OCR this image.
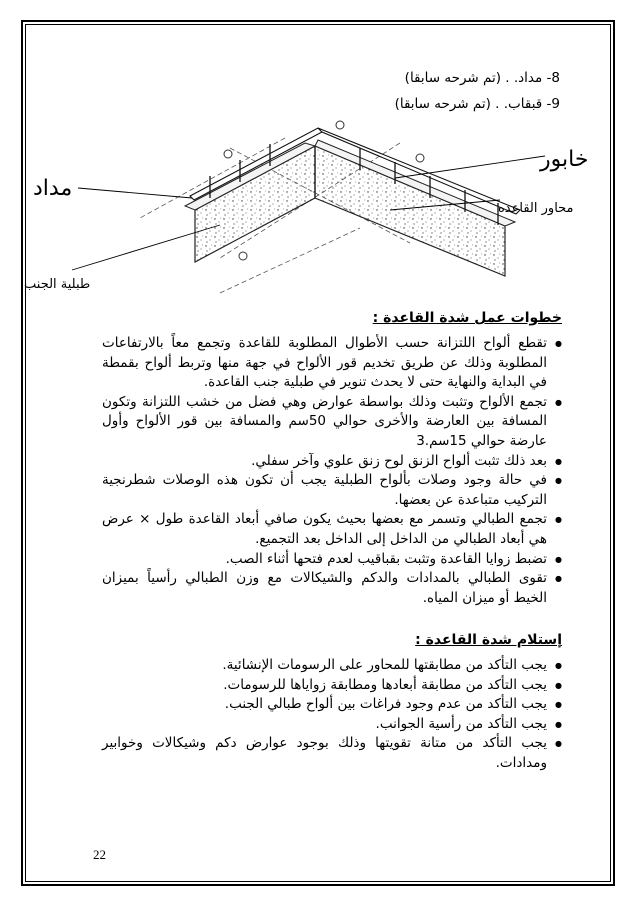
8- مداد. . (تم شرحه سابقا)
9- قبقاب. . (تم شرحه سابقا)
خابور
مداد
محاور القاعده
طبلية الجنب
خطوات عمل شدة القاعدة :
● تقطع ألواح اللتزانة حسب الأطوال المطلوبة للقاعدة وتجمع معاً بالارتفاعات المطلوبة وذلك عن طريق تخديم قور الألواح في جهة منها وتربط ألواح بقمطة في البداية والنهاية حتى لا يحدث تنوير في طبلية جنب القاعدة.
● تجمع الألواح وتثبت وذلك بواسطة عوارض وهي فضل من خشب اللتزانة وتكون المسافة بين العارضة والأخرى حوالي 50سم والمسافة بين قور الألواح وأول عارضة حوالي 15سم.3
● بعد ذلك تثبت ألواح الزنق لوح زنق علوي وآخر سفلي.
● في حالة وجود وصلات بألواح الطبلية يجب أن تكون هذه الوصلات شطرنجية التركيب متباعدة عن بعضها.
● تجمع الطبالي وتسمر مع بعضها بحيث يكون صافي أبعاد القاعدة طول × عرض هي أبعاد الطبالي من الداخل إلى الداخل بعد التجميع.
● تضبط زوايا القاعدة وتثبت بقباقيب لعدم فتحها أثناء الصب.
● تقوى الطبالي بالمدادات والدكم والشيكالات مع وزن الطبالي رأسياً بميزان الخيط أو ميزان المياه.
إستلام شدة القاعدة :
● يجب التأكد من مطابقتها للمحاور على الرسومات الإنشائية.
● يجب التأكد من مطابقة أبعادها ومطابقة زواياها للرسومات.
● يجب التأكد من عدم وجود فراغات بين ألواح طبالي الجنب.
● يجب التأكد من رأسية الجوانب.
● يجب التأكد من متانة تقويتها وذلك بوجود عوارض دكم وشيكالات وخوابير ومدادات.
22
